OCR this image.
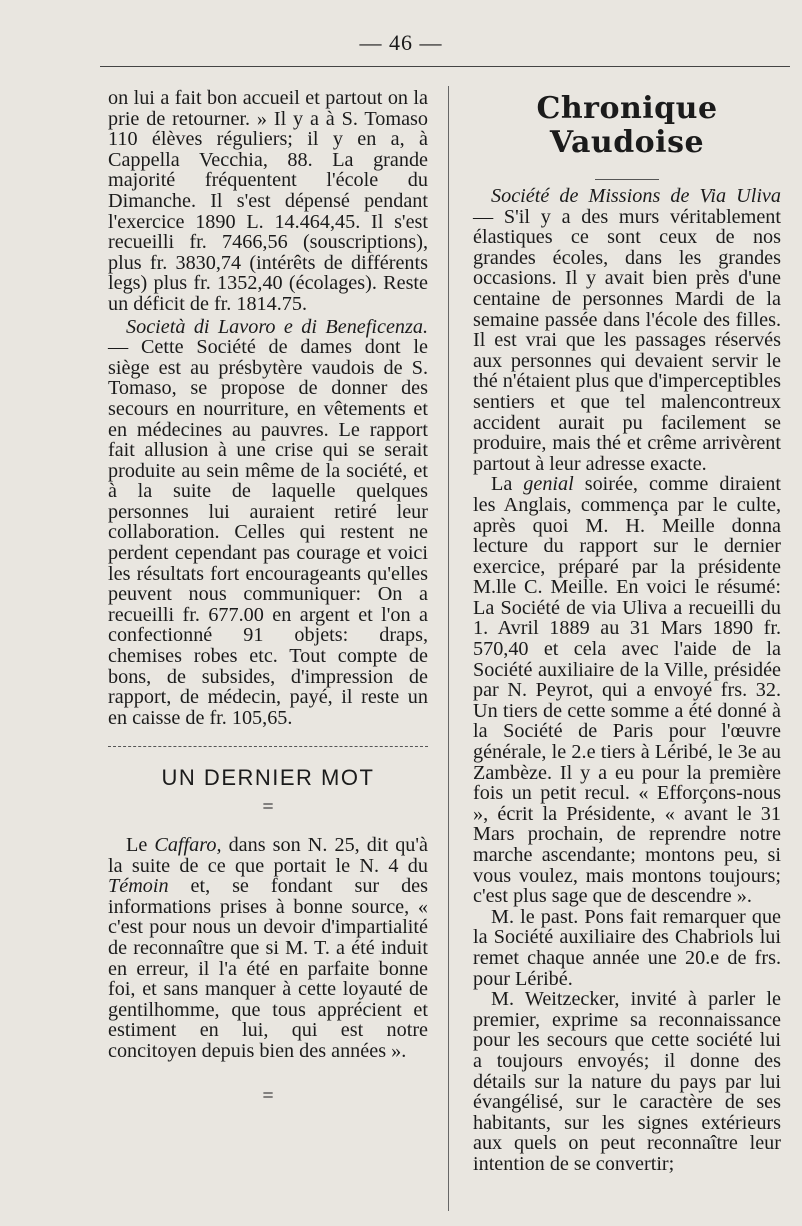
— 46 —

on lui a fait bon accueil et partout on la prie de retourner. » Il y a à S. Tomaso 110 élèves réguliers; il y en a, à Cappella Vecchia, 88. La grande majorité fréquentent l'école du Dimanche. Il s'est dépensé pendant l'exercice 1890 L. 14.464,45. Il s'est recueilli fr. 7466,56 (souscriptions), plus fr. 3830,74 (intérêts de différents legs) plus fr. 1352,40 (écolages). Reste un déficit de fr. 1814.75.

Società di Lavoro e di Beneficenza. — Cette Société de dames dont le siège est au présbytère vaudois de S. Tomaso, se propose de donner des secours en nourriture, en vêtements et en médecines au pauvres. Le rapport fait allusion à une crise qui se serait produite au sein même de la société, et à la suite de laquelle quelques personnes lui auraient retiré leur collaboration. Celles qui restent ne perdent cependant pas courage et voici les résultats fort encourageants qu'elles peuvent nous communiquer: On a recueilli fr. 677.00 en argent et l'on a confectionné 91 objets: draps, chemises robes etc. Tout compte de bons, de subsides, d'impression de rapport, de médecin, payé, il reste un en caisse de fr. 105,65.

UN DERNIER MOT
=

Le Caffaro, dans son N. 25, dit qu'à la suite de ce que portait le N. 4 du Témoin et, se fondant sur des informations prises à bonne source, « c'est pour nous un devoir d'impartialité de reconnaître que si M. T. a été induit en erreur, il l'a été en parfaite bonne foi, et sans manquer à cette loyauté de gentilhomme, que tous apprécient et estiment en lui, qui est notre concitoyen depuis bien des années ».

=
Chronique Vaudoise

Société de Missions de Via Uliva — S'il y a des murs véritablement élastiques ce sont ceux de nos grandes écoles, dans les grandes occasions. Il y avait bien près d'une centaine de personnes Mardi de la semaine passée dans l'école des filles. Il est vrai que les passages réservés aux personnes qui devaient servir le thé n'étaient plus que d'imperceptibles sentiers et que tel malencontreux accident aurait pu facilement se produire, mais thé et crême arrivèrent partout à leur adresse exacte.

La genial soirée, comme diraient les Anglais, commença par le culte, après quoi M. H. Meille donna lecture du rapport sur le dernier exercice, préparé par la présidente M.lle C. Meille. En voici le résumé: La Société de via Uliva a recueilli du 1. Avril 1889 au 31 Mars 1890 fr. 570,40 et cela avec l'aide de la Société auxiliaire de la Ville, présidée par N. Peyrot, qui a envoyé frs. 32. Un tiers de cette somme a été donné à la Société de Paris pour l'œuvre générale, le 2.e tiers à Léribé, le 3e au Zambèze. Il y a eu pour la première fois un petit recul. « Efforçons-nous », écrit la Présidente, « avant le 31 Mars prochain, de reprendre notre marche ascendante; montons peu, si vous voulez, mais montons toujours; c'est plus sage que de descendre ».

M. le past. Pons fait remarquer que la Société auxiliaire des Chabriols lui remet chaque année une 20.e de frs. pour Léribé.

M. Weitzecker, invité à parler le premier, exprime sa reconnaissance pour les secours que cette société lui a toujours envoyés; il donne des détails sur la nature du pays par lui évangélisé, sur le caractère de ses habitants, sur les signes extérieurs aux quels on peut reconnaître leur intention de se convertir;
